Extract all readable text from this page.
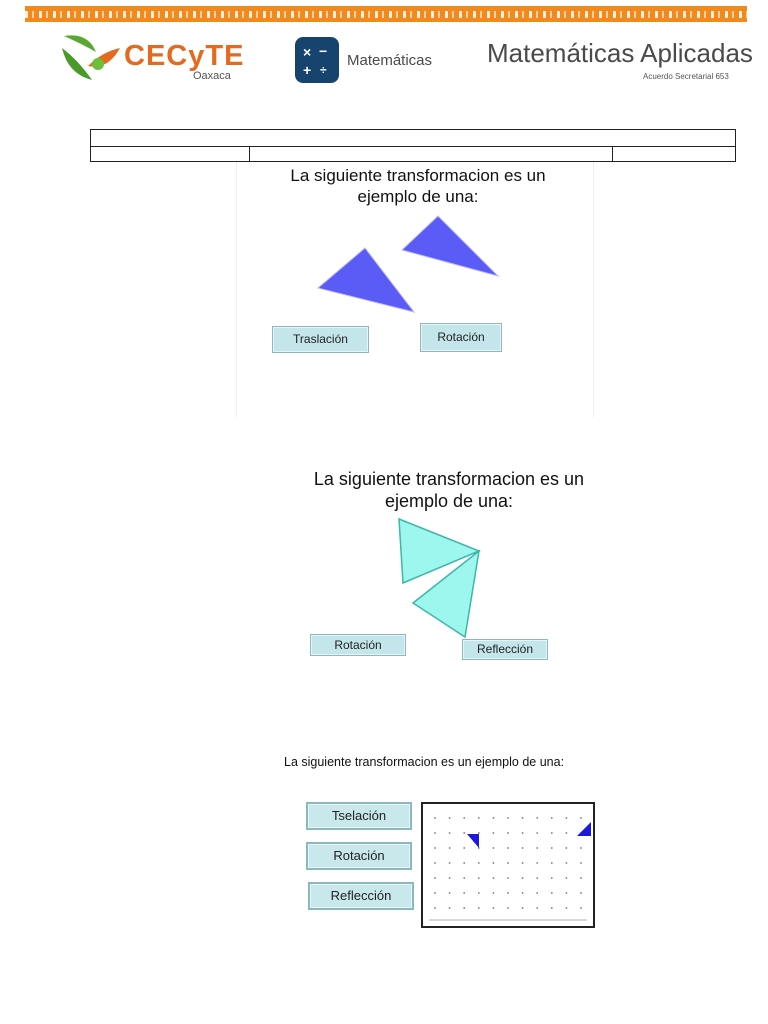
CECyTE
Oaxaca
× −
+ ÷
Matemáticas Matemáticas Aplicadas
Acuerdo Secretarial 653
La siguiente transformacion es un ejemplo de una:
Traslación	Rotación
La siguiente transformacion es un ejemplo de una:
Rotación	Reflección
La siguiente transformacion es un ejemplo de una:
Tselación
Rotación
Reflección
